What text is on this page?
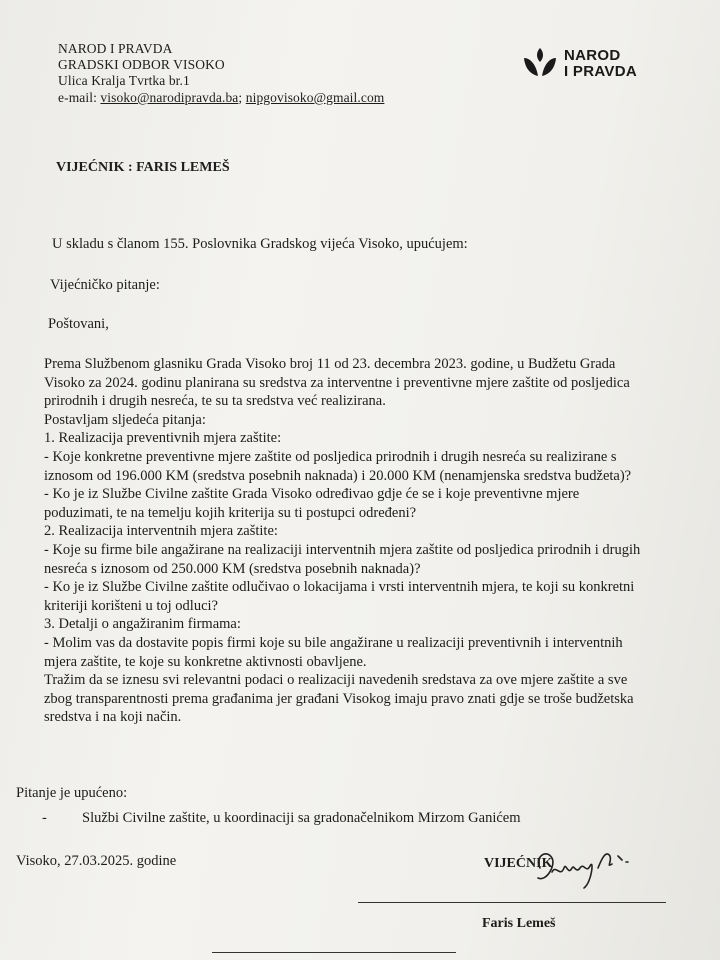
NAROD I PRAVDA
GRADSKI ODBOR VISOKO
Ulica Kralja Tvrtka br.1
e-mail: visoko@narodipravda.ba; nipgovisoko@gmail.com
NAROD
I PRAVDA
VIJEĆNIK : FARIS LEMEŠ
U skladu s članom 155. Poslovnika Gradskog vijeća Visoko, upućujem:
Vijećničko pitanje:
Poštovani,
Prema Službenom glasniku Grada Visoko broj 11 od 23. decembra 2023. godine, u Budžetu Grada
Visoko za 2024. godinu planirana su sredstva za interventne i preventivne mjere zaštite od posljedica
prirodnih i drugih nesreća, te su ta sredstva već realizirana.
Postavljam sljedeća pitanja:
1. Realizacija preventivnih mjera zaštite:
- Koje konkretne preventivne mjere zaštite od posljedica prirodnih i drugih nesreća su realizirane s
iznosom od 196.000 KM (sredstva posebnih naknada) i 20.000 KM (nenamjenska sredstva budžeta)?
- Ko je iz Službe Civilne zaštite Grada Visoko određivao gdje će se i koje preventivne mjere
poduzimati, te na temelju kojih kriterija su ti postupci određeni?
2. Realizacija interventnih mjera zaštite:
- Koje su firme bile angažirane na realizaciji interventnih mjera zaštite od posljedica prirodnih i drugih
nesreća s iznosom od 250.000 KM (sredstva posebnih naknada)?
- Ko je iz Službe Civilne zaštite odlučivao o lokacijama i vrsti interventnih mjera, te koji su konkretni
kriteriji korišteni u toj odluci?
3. Detalji o angažiranim firmama:
- Molim vas da dostavite popis firmi koje su bile angažirane u realizaciji preventivnih i interventnih
mjera zaštite, te koje su konkretne aktivnosti obavljene.
Tražim da se iznesu svi relevantni podaci o realizaciji navedenih sredstava za ove mjere zaštite a sve
zbog transparentnosti prema građanima jer građani Visokog imaju pravo znati gdje se troše budžetska
sredstva i na koji način.
Pitanje je upućeno:
- Službi Civilne zaštite, u koordinaciji sa gradonačelnikom Mirzom Ganićem
Visoko, 27.03.2025. godine	VIJEĆNIK
Faris Lemeš
